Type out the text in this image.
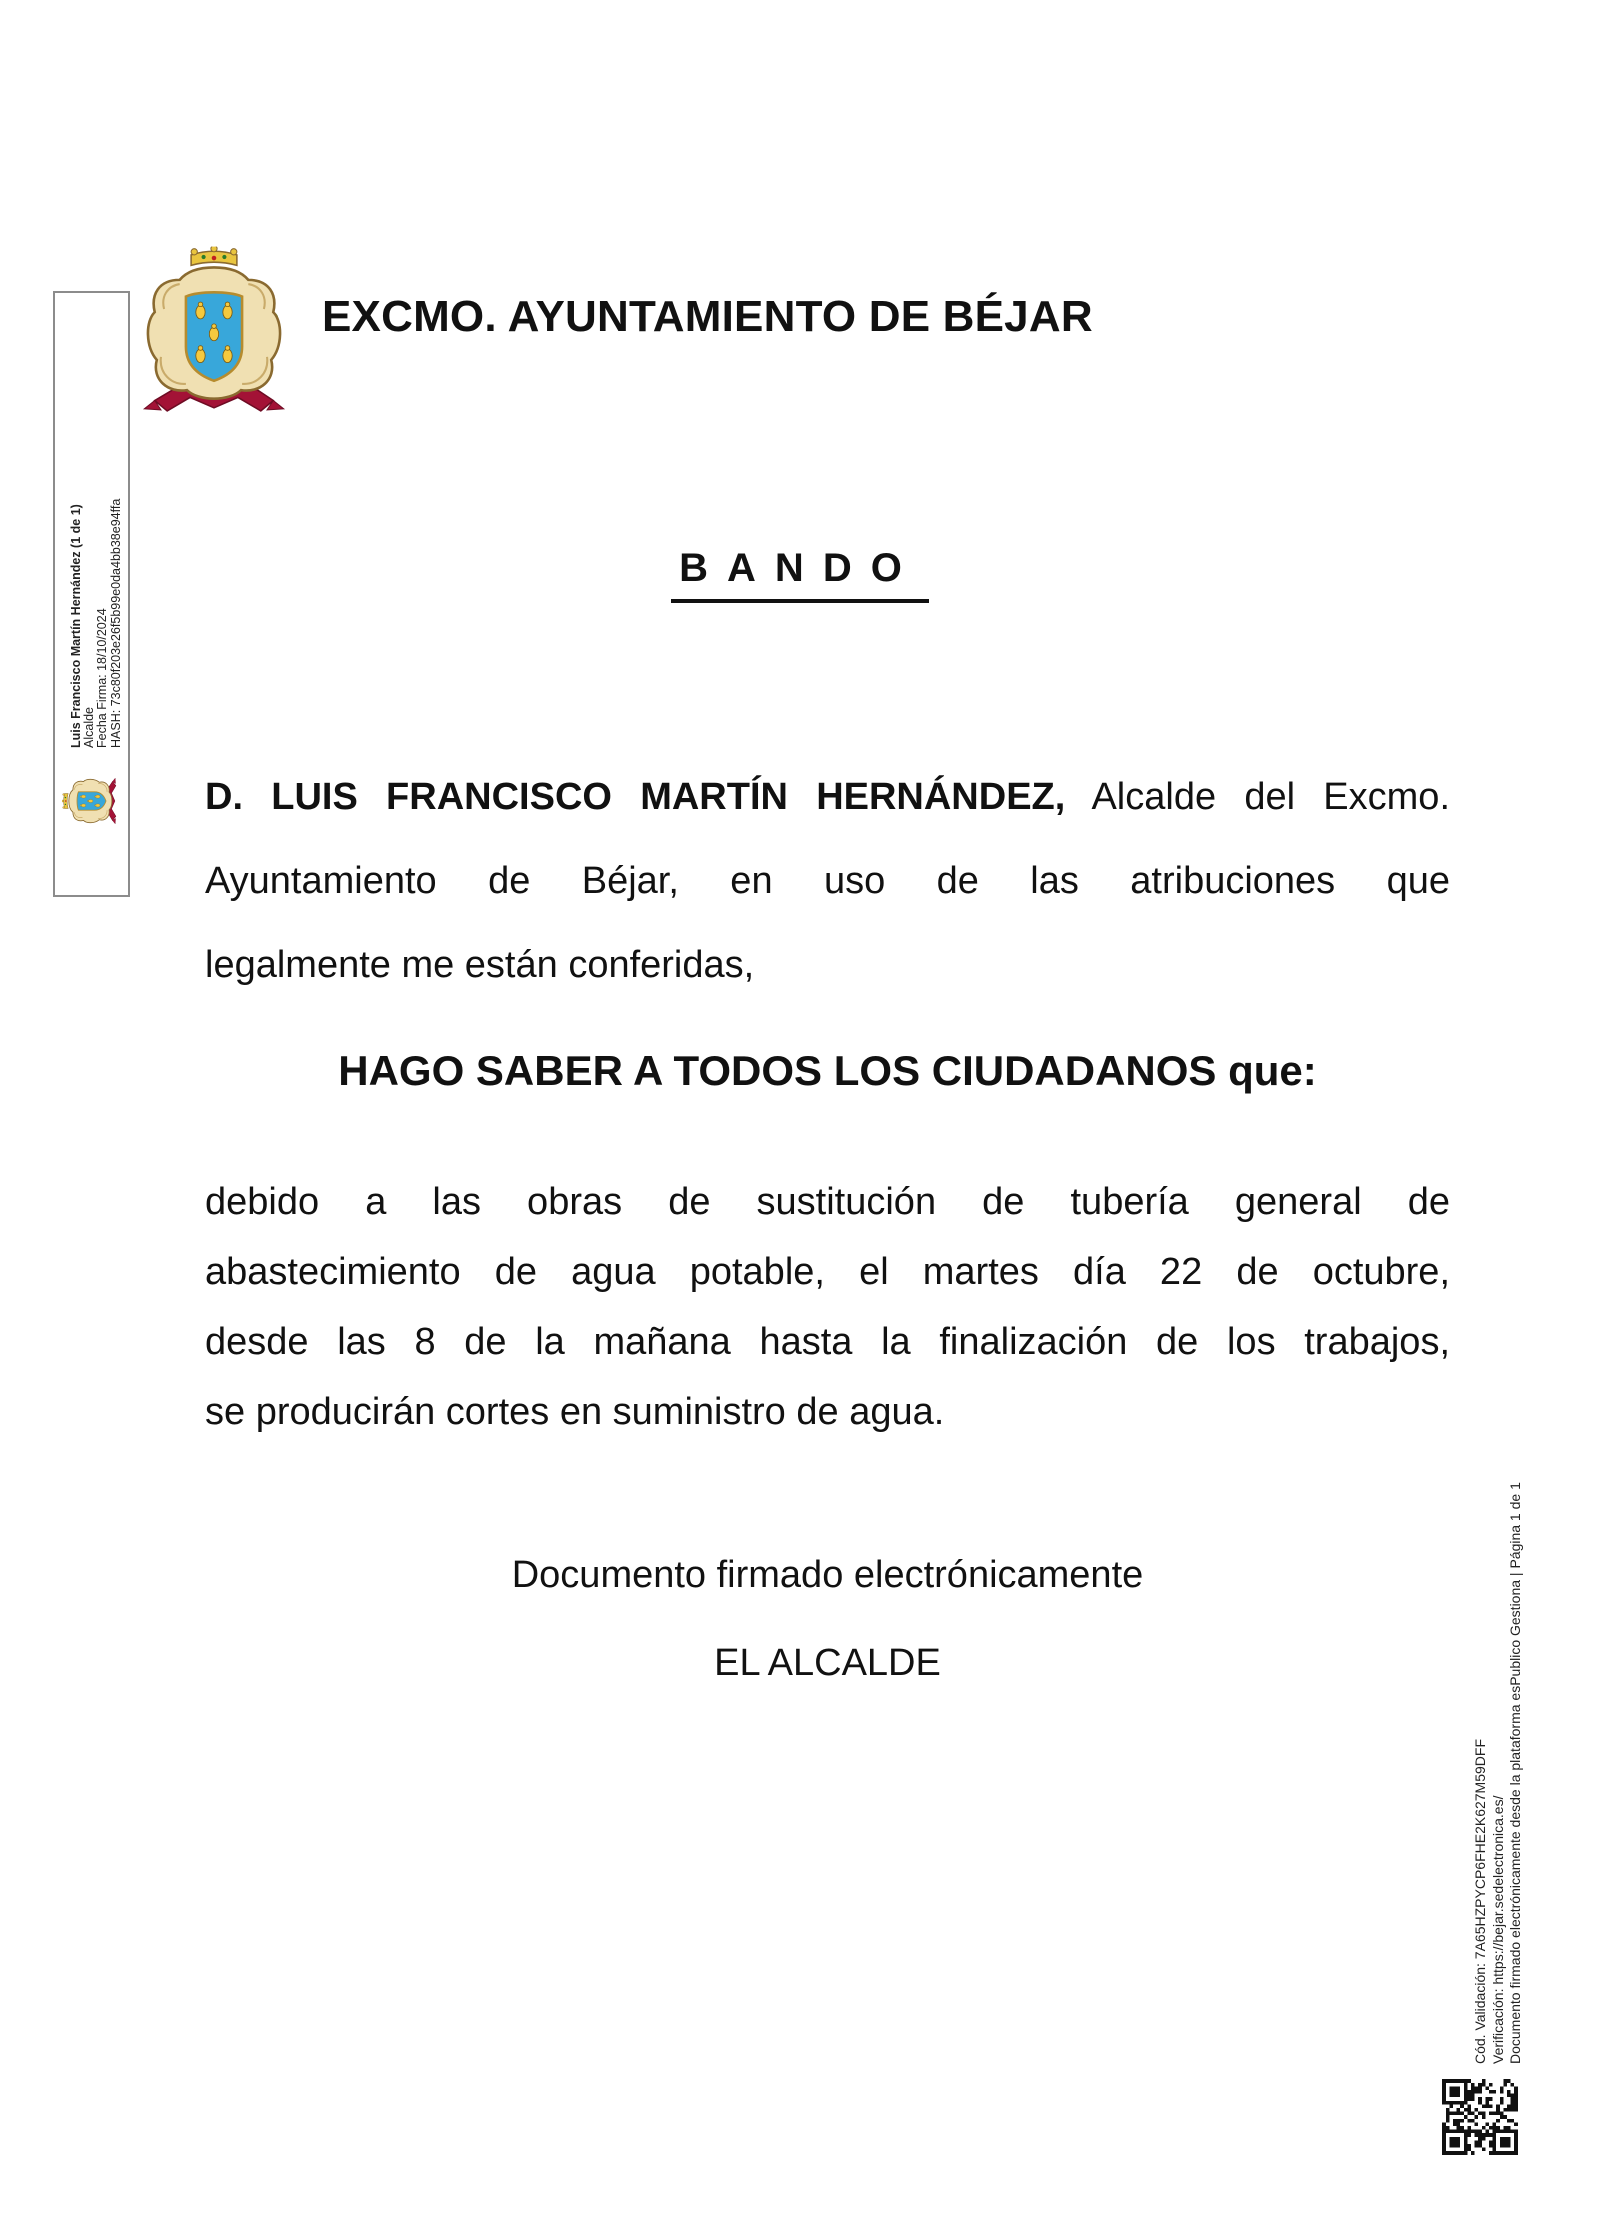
Luis Francisco Martín Hernández (1 de 1) Alcalde Fecha Firma: 18/10/2024 HASH: 73c80f203e26f5b99e0da4bb38e94ffa
EXCMO. AYUNTAMIENTO DE BÉJAR
BANDO
D. LUIS FRANCISCO MARTÍN HERNÁNDEZ, Alcalde del Excmo.
Ayuntamiento de Béjar, en uso de las atribuciones que
legalmente me están conferidas,
HAGO SABER A TODOS LOS CIUDADANOS que:
debido a las obras de sustitución de tubería general de
abastecimiento de agua potable, el martes día 22 de octubre,
desde las 8 de la mañana hasta la finalización de los trabajos,
se producirán cortes en suministro de agua.
Documento firmado electrónicamente
EL ALCALDE
Cód. Validación: 7A65HZPYCP6FHE2K627M59DFF Verificación: https://bejar.sedelectronica.es/ Documento firmado electrónicamente desde la plataforma esPublico Gestiona | Página 1 de 1
